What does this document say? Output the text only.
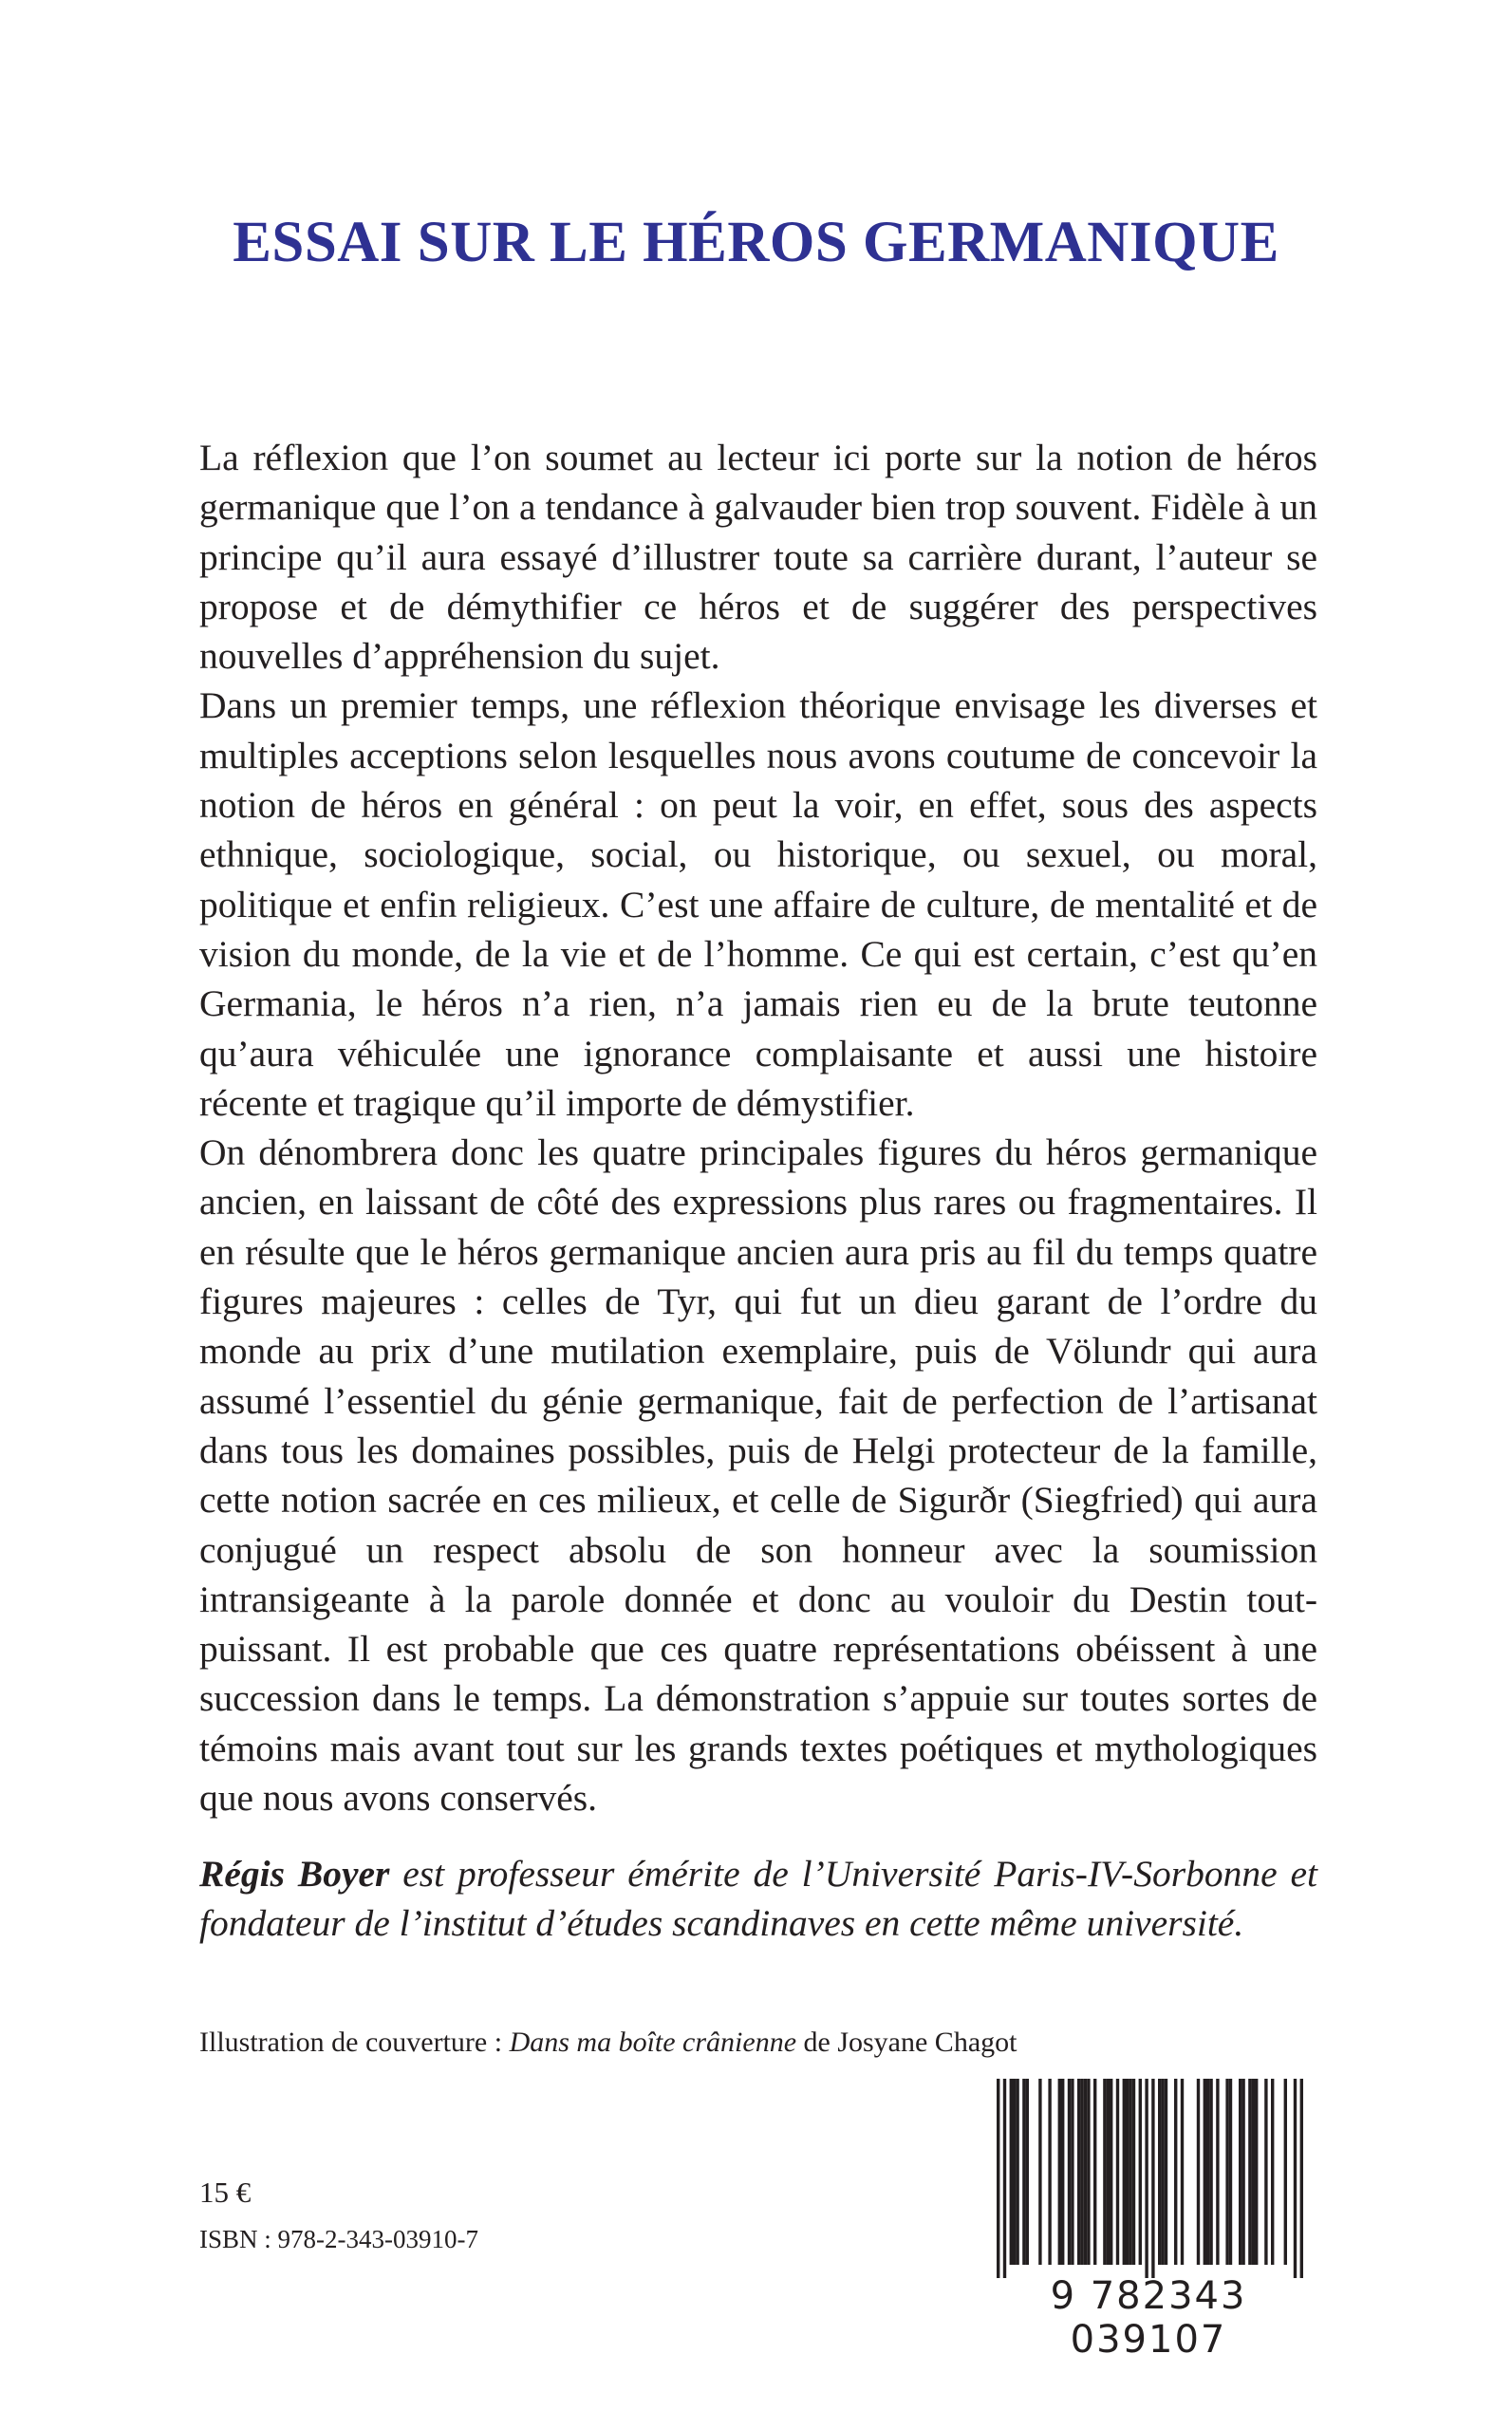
ESSAI SUR LE HÉROS GERMANIQUE

La réflexion que l’on soumet au lecteur ici porte sur la notion de héros germanique que l’on a tendance à galvauder bien trop souvent. Fidèle à un principe qu’il aura essayé d’illustrer toute sa carrière durant, l’auteur se propose et de démythifier ce héros et de suggérer des perspectives nouvelles d’appréhension du sujet.

Dans un premier temps, une réflexion théorique envisage les diverses et multiples acceptions selon lesquelles nous avons coutume de concevoir la notion de héros en général : on peut la voir, en effet, sous des aspects ethnique, sociologique, social, ou historique, ou sexuel, ou moral, politique et enfin religieux. C’est une affaire de culture, de mentalité et de vision du monde, de la vie et de l’homme. Ce qui est certain, c’est qu’en Germania, le héros n’a rien, n’a jamais rien eu de la brute teutonne qu’aura véhiculée une ignorance complaisante et aussi une histoire récente et tragique qu’il importe de démystifier.

On dénombrera donc les quatre principales figures du héros germanique ancien, en laissant de côté des expressions plus rares ou fragmentaires. Il en résulte que le héros germanique ancien aura pris au fil du temps quatre figures majeures : celles de Tyr, qui fut un dieu garant de l’ordre du monde au prix d’une mutilation exemplaire, puis de Völundr qui aura assumé l’essentiel du génie germanique, fait de perfection de l’artisanat dans tous les domaines possibles, puis de Helgi protecteur de la famille, cette notion sacrée en ces milieux, et celle de Sigurðr (Siegfried) qui aura conjugué un respect absolu de son honneur avec la soumission intransigeante à la parole donnée et donc au vouloir du Destin tout-puissant. Il est probable que ces quatre représentations obéissent à une succession dans le temps. La démonstration s’appuie sur toutes sortes de témoins mais avant tout sur les grands textes poétiques et mythologiques que nous avons conservés.

Régis Boyer est professeur émérite de l’Université Paris-IV-Sorbonne et fondateur de l’institut d’études scandinaves en cette même université.
Illustration de couverture : Dans ma boîte crânienne de Josyane Chagot
15 €
ISBN : 978-2-343-03910-7
9 782343 039107
